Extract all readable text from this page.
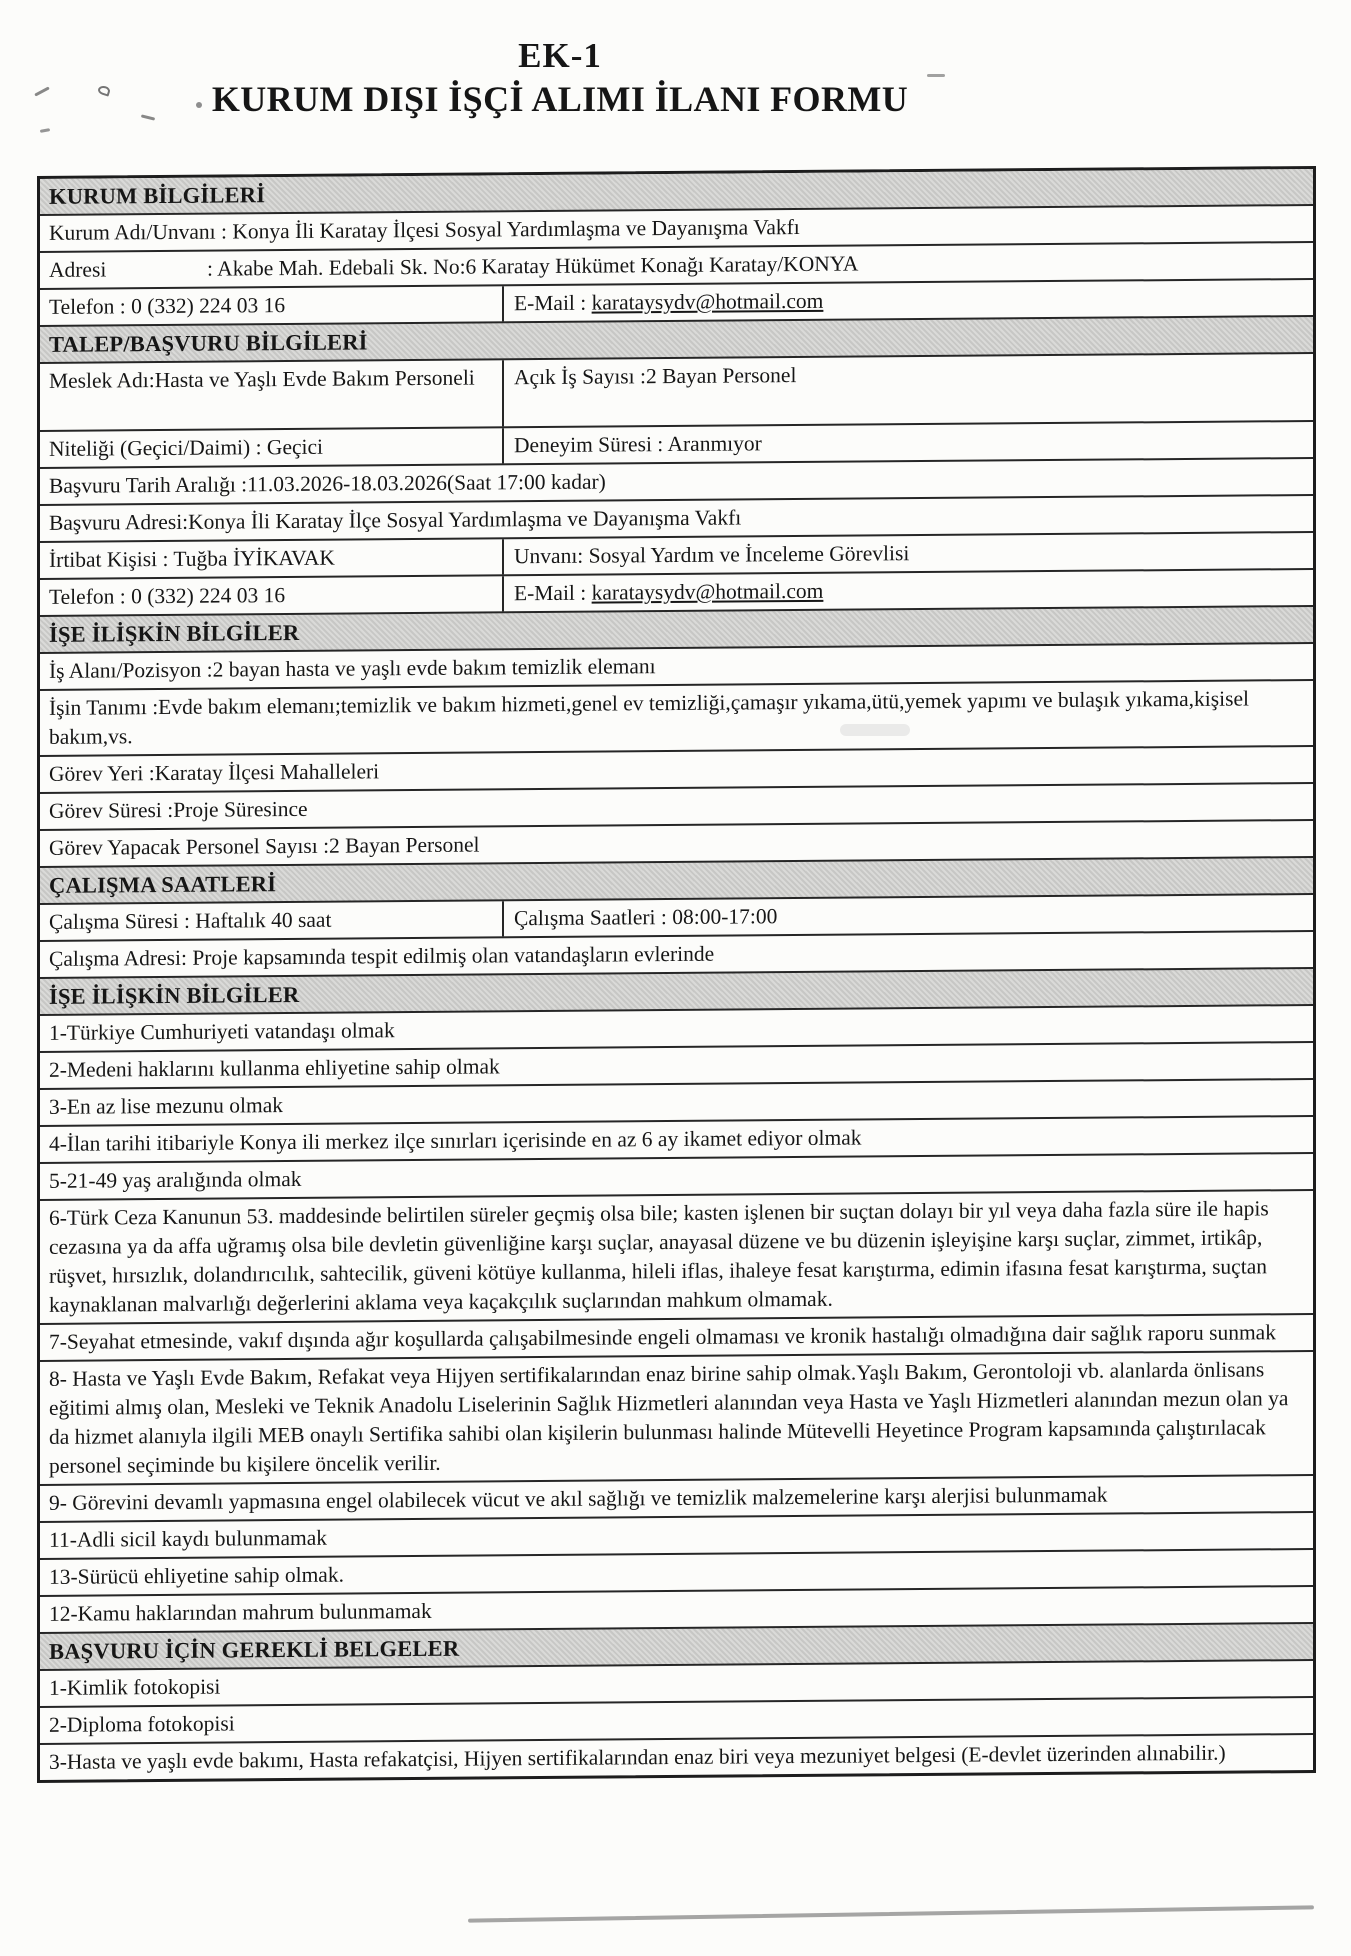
EK-1
KURUM DIŞI İŞÇİ ALIMI İLANI FORMU
KURUM BİLGİLERİ
Kurum Adı/Unvanı : Konya İli Karatay İlçesi Sosyal Yardımlaşma ve Dayanışma Vakfı
Adresi	: Akabe Mah. Edebali Sk. No:6 Karatay Hükümet Konağı Karatay/KONYA
Telefon : 0 (332) 224 03 16	E-Mail : karataysydv@hotmail.com
TALEP/BAŞVURU BİLGİLERİ
Meslek Adı:Hasta ve Yaşlı Evde Bakım Personeli	Açık İş Sayısı :2 Bayan Personel
Niteliği (Geçici/Daimi) : Geçici	Deneyim Süresi : Aranmıyor
Başvuru Tarih Aralığı :11.03.2026-18.03.2026(Saat 17:00 kadar)
Başvuru Adresi:Konya İli Karatay İlçe Sosyal Yardımlaşma ve Dayanışma Vakfı
İrtibat Kişisi : Tuğba İYİKAVAK	Unvanı: Sosyal Yardım ve İnceleme Görevlisi
Telefon : 0 (332) 224 03 16	E-Mail : karataysydv@hotmail.com
İŞE İLİŞKİN BİLGİLER
İş Alanı/Pozisyon :2 bayan hasta ve yaşlı evde bakım temizlik elemanı
İşin Tanımı :Evde bakım elemanı;temizlik ve bakım hizmeti,genel ev temizliği,çamaşır yıkama,ütü,yemek yapımı ve bulaşık yıkama,kişisel bakım,vs.
Görev Yeri :Karatay İlçesi Mahalleleri
Görev Süresi :Proje Süresince
Görev Yapacak Personel Sayısı :2 Bayan Personel
ÇALIŞMA SAATLERİ
Çalışma Süresi : Haftalık 40 saat	Çalışma Saatleri : 08:00-17:00
Çalışma Adresi: Proje kapsamında tespit edilmiş olan vatandaşların evlerinde
İŞE İLİŞKİN BİLGİLER
1-Türkiye Cumhuriyeti vatandaşı olmak
2-Medeni haklarını kullanma ehliyetine sahip olmak
3-En az lise mezunu olmak
4-İlan tarihi itibariyle Konya ili merkez ilçe sınırları içerisinde en az 6 ay ikamet ediyor olmak
5-21-49 yaş aralığında olmak
6-Türk Ceza Kanunun 53. maddesinde belirtilen süreler geçmiş olsa bile; kasten işlenen bir suçtan dolayı bir yıl veya daha fazla süre ile hapis cezasına ya da affa uğramış olsa bile devletin güvenliğine karşı suçlar, anayasal düzene ve bu düzenin işleyişine karşı suçlar, zimmet, irtikâp, rüşvet, hırsızlık, dolandırıcılık, sahtecilik, güveni kötüye kullanma, hileli iflas, ihaleye fesat karıştırma, edimin ifasına fesat karıştırma, suçtan kaynaklanan malvarlığı değerlerini aklama veya kaçakçılık suçlarından mahkum olmamak.
7-Seyahat etmesinde, vakıf dışında ağır koşullarda çalışabilmesinde engeli olmaması ve kronik hastalığı olmadığına dair sağlık raporu sunmak
8- Hasta ve Yaşlı Evde Bakım, Refakat veya Hijyen sertifikalarından enaz birine sahip olmak.Yaşlı Bakım, Gerontoloji vb. alanlarda önlisans eğitimi almış olan, Mesleki ve Teknik Anadolu Liselerinin Sağlık Hizmetleri alanından veya Hasta ve Yaşlı Hizmetleri alanından mezun olan ya da hizmet alanıyla ilgili MEB onaylı Sertifika sahibi olan kişilerin bulunması halinde Mütevelli Heyetince Program kapsamında çalıştırılacak personel seçiminde bu kişilere öncelik verilir.
9- Görevini devamlı yapmasına engel olabilecek vücut ve akıl sağlığı ve temizlik malzemelerine karşı alerjisi bulunmamak
11-Adli sicil kaydı bulunmamak
13-Sürücü ehliyetine sahip olmak.
12-Kamu haklarından mahrum bulunmamak
BAŞVURU İÇİN GEREKLİ BELGELER
1-Kimlik fotokopisi
2-Diploma fotokopisi
3-Hasta ve yaşlı evde bakımı, Hasta refakatçisi, Hijyen sertifikalarından enaz biri veya mezuniyet belgesi (E-devlet üzerinden alınabilir.)
